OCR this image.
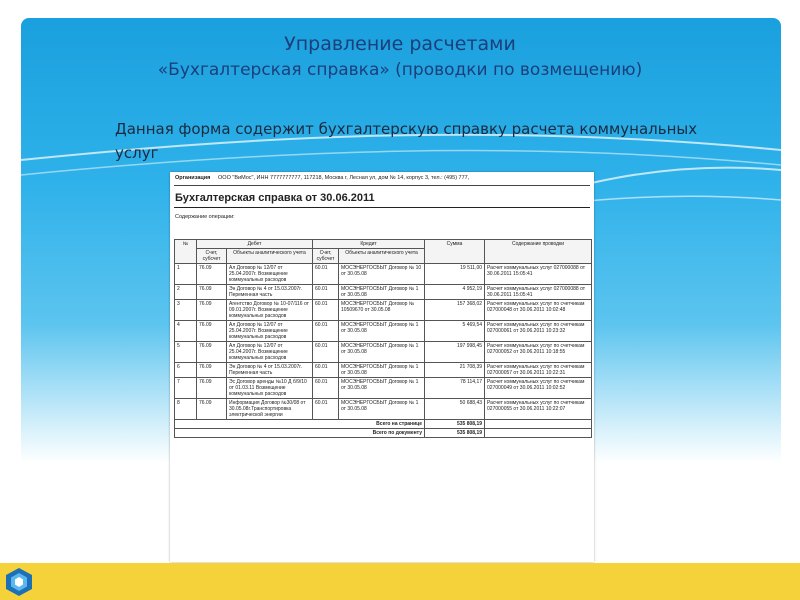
Управление расчетами
«Бухгалтерская справка» (проводки по возмещению)
Данная форма содержит бухгалтерскую справку расчета коммунальных услуг
Организация ООО "ВиМос", ИНН 7777777777, 117218, Москва г, Лесная ул, дом № 14, корпус 3, тел.: (495) 777,
Бухгалтерская справка от 30.06.2011
Содержание операции:
№	Дебет		Кредит		Сумма	Содержание проводки
	Счет, субсчет	Объекты аналитического учета	Счет, субсчет	Объекты аналитического учета		
1	76.09	Ал Договор № 12/07 от 25.04.2007г. Возмещение коммунальных расходов	60.01	МОСЭНЕРГОСБЫТ Договор № 10 от 30.05.08	19 511,00	Расчет коммунальных услуг 027000088 от 30.06.2011 15:05:41
2	76.09	Эн Договор № 4 от 15.03.2007г. Переменная часть	60.01	МОСЭНЕРГОСБЫТ Договор № 1 от 30.05.08	4 952,19	Расчет коммунальных услуг 027000088 от 30.06.2011 15:05:41
3	76.09	Агентство Договор № 10-07/116 от 09.01.2007г. Возмещение коммунальных расходов	60.01	МОСЭНЕРГОСБЫТ Договор № 10509670 от 30.05.08	157 368,02	Расчет коммунальных услуг по счетчикам 027000048 от 30.06.2011 10:02:48
4	76.09	Ал Договор № 12/07 от 25.04.2007г. Возмещение коммунальных расходов	60.01	МОСЭНЕРГОСБЫТ Договор № 1 от 30.05.08	5 469,54	Расчет коммунальных услуг по счетчикам 027000061 от 30.06.2011 10:23:32
5	76.09	Ал Договор № 12/07 от 25.04.2007г. Возмещение коммунальных расходов	60.01	МОСЭНЕРГОСБЫТ Договор № 1 от 30.05.08	197 998,45	Расчет коммунальных услуг по счетчикам 027000052 от 30.06.2011 10:18:55
6	76.09	Эн Договор № 4 от 15.03.2007г. Переменная часть	60.01	МОСЭНЕРГОСБЫТ Договор № 1 от 30.05.08	21 708,39	Расчет коммунальных услуг по счетчикам 027000057 от 30.06.2011 10:22:31
7	76.09	Эс Договор аренды №10 Д б/9/10 от 01.03.11 Возмещение коммунальных расходов	60.01	МОСЭНЕРГОСБЫТ Договор № 1 от 30.05.08	78 114,17	Расчет коммунальных услуг по счетчикам 027000049 от 30.06.2011 10:02:52
8	76.09	Информация Договор №30/08 от 30.05.08г.Транспортировка электрической энергии	60.01	МОСЭНЕРГОСБЫТ Договор № 1 от 30.05.08	50 688,43	Расчет коммунальных услуг по счетчикам 027000055 от 30.06.2011 10:22:07
Всего на странице					535 808,19	
Всего по документу					535 808,19	
